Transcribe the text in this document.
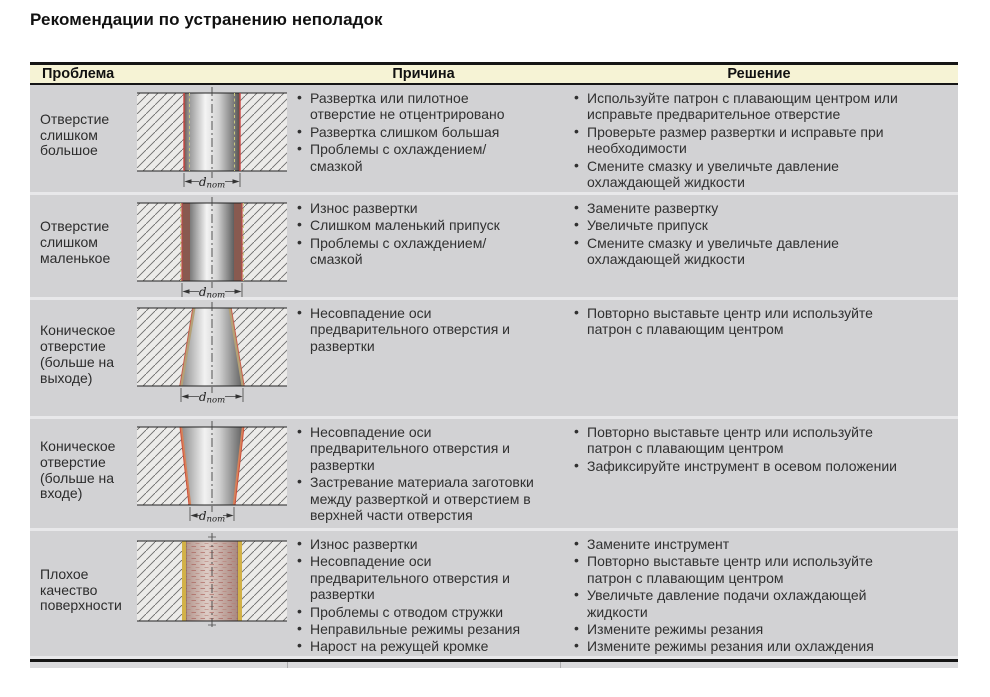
Рекомендации по устранению неполадок
Проблема	Причина	Решение
Отверстие слишком большое
dnom
• Развертка или пилотное отверстие не отцентрировано
• Развертка слишком большая
• Проблемы с охлаждением/смазкой
• Используйте патрон с плавающим центром или исправьте предварительное отверстие
• Проверьте размер развертки и исправьте при необходимости
• Смените смазку и увеличьте давление охлаждающей жидкости
Отверстие слишком маленькое
dnom
• Износ развертки
• Слишком маленький припуск
• Проблемы с охлаждением/смазкой
• Замените развертку
• Увеличьте припуск
• Смените смазку и увеличьте давление охлаждающей жидкости
Коническое отверстие (больше на выходе)
dnom
• Несовпадение оси предварительного отверстия и развертки
• Повторно выставьте центр или используйте патрон с плавающим центром
Коническое отверстие (больше на входе)
dnom
• Несовпадение оси предварительного отверстия и развертки
• Застревание материала заготовки между разверткой и отверстием в верхней части отверстия
• Повторно выставьте центр или используйте патрон с плавающим центром
• Зафиксируйте инструмент в осевом положении
Плохое качество поверхности
• Износ развертки
• Несовпадение оси предварительного отверстия и развертки
• Проблемы с отводом стружки
• Неправильные режимы резания
• Нарост на режущей кромке
• Замените инструмент
• Повторно выставьте центр или используйте патрон с плавающим центром
• Увеличьте давление подачи охлаждающей жидкости
• Измените режимы резания
• Измените режимы резания или охлаждения
